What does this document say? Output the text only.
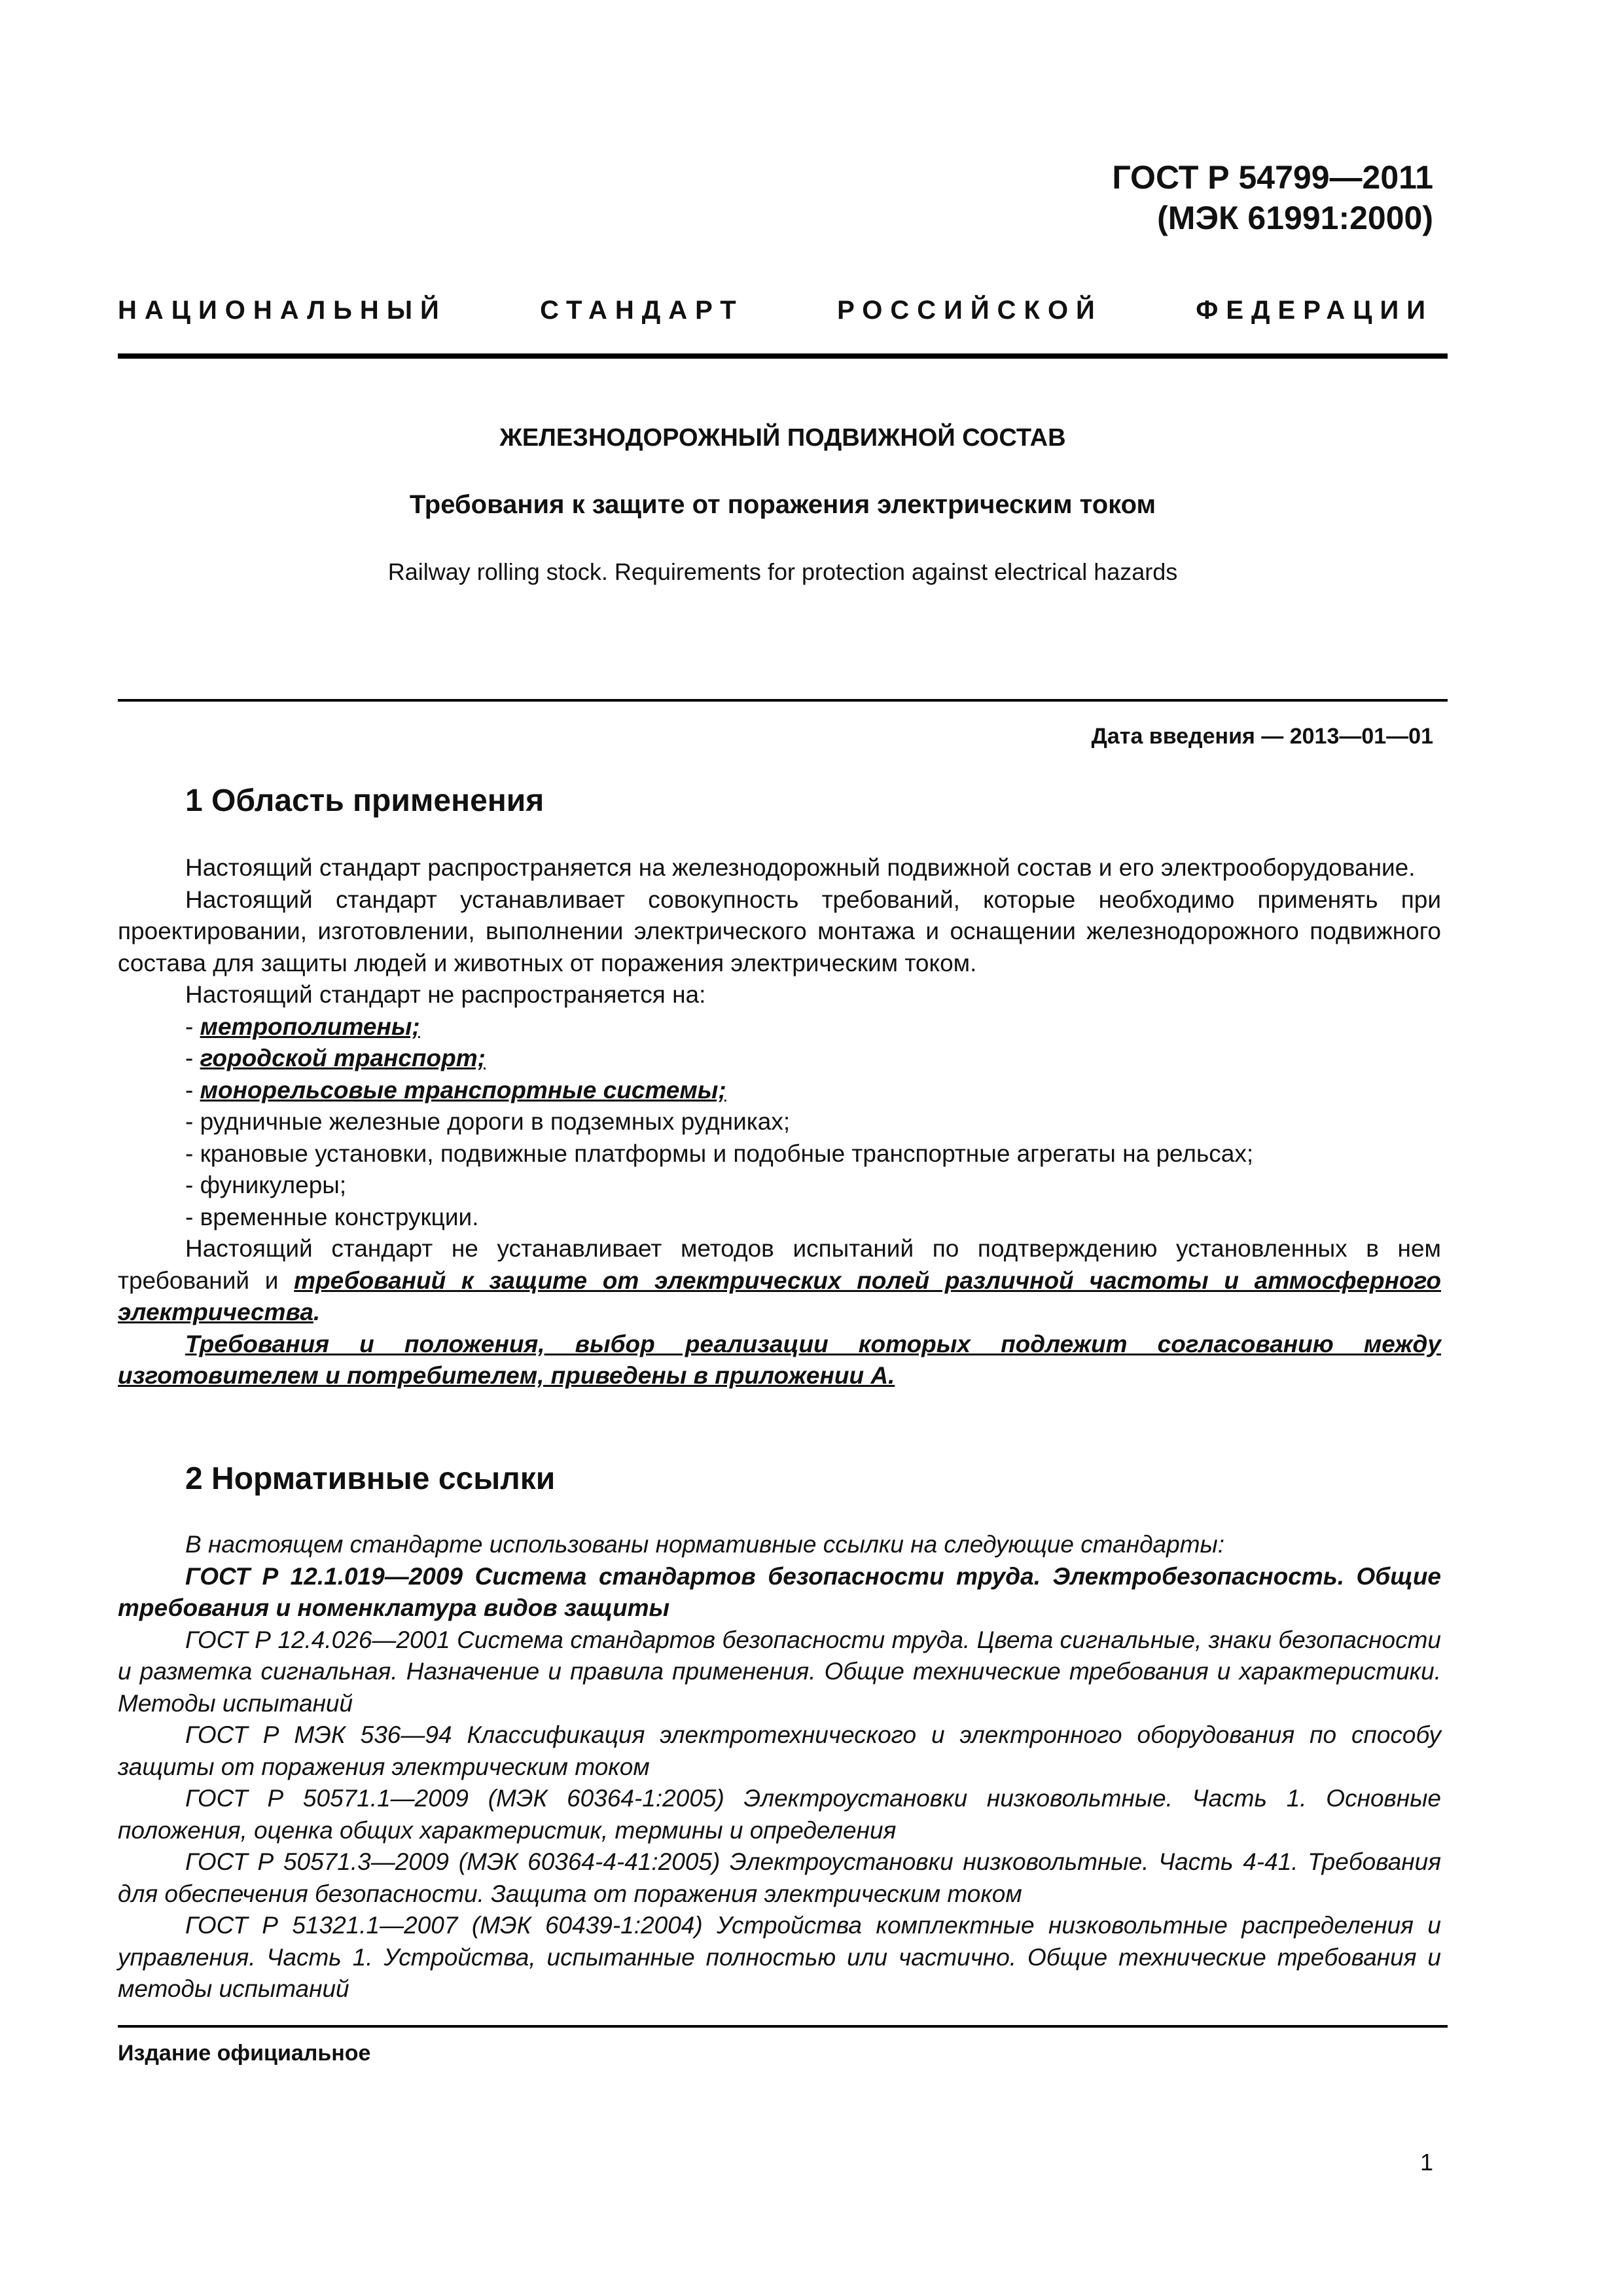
ГОСТ Р 54799—2011
(МЭК 61991:2000)
НАЦИОНАЛЬНЫЙ СТАНДАРТ РОССИЙСКОЙ ФЕДЕРАЦИИ
ЖЕЛЕЗНОДОРОЖНЫЙ ПОДВИЖНОЙ СОСТАВ
Требования к защите от поражения электрическим током
Railway rolling stock. Requirements for protection against electrical hazards
Дата введения — 2013—01—01
1 Область применения

Настоящий стандарт распространяется на железнодорожный подвижной состав и его электрооборудование.

Настоящий стандарт устанавливает совокупность требований, которые необходимо применять при проектировании, изготовлении, выполнении электрического монтажа и оснащении железнодорожного подвижного состава для защиты людей и животных от поражения электрическим током.

Настоящий стандарт не распространяется на:

- метрополитены;

- городской транспорт;

- монорельсовые транспортные системы;

- рудничные железные дороги в подземных рудниках;

- крановые установки, подвижные платформы и подобные транспортные агрегаты на рельсах;

- фуникулеры;

- временные конструкции.

Настоящий стандарт не устанавливает методов испытаний по подтверждению установленных в нем требований и требований к защите от электрических полей различной частоты и атмосферного электричества.

Требования и положения, выбор реализации которых подлежит согласованию между изготовителем и потребителем, приведены в приложении А.

2 Нормативные ссылки

В настоящем стандарте использованы нормативные ссылки на следующие стандарты:

ГОСТ Р 12.1.019—2009 Система стандартов безопасности труда. Электробезопасность. Общие требования и номенклатура видов защиты

ГОСТ Р 12.4.026—2001 Система стандартов безопасности труда. Цвета сигнальные, знаки безопасности и разметка сигнальная. Назначение и правила применения. Общие технические требования и характеристики. Методы испытаний

ГОСТ Р МЭК 536—94 Классификация электротехнического и электронного оборудования по способу защиты от поражения электрическим током

ГОСТ Р 50571.1—2009 (МЭК 60364-1:2005) Электроустановки низковольтные. Часть 1. Основные положения, оценка общих характеристик, термины и определения

ГОСТ Р 50571.3—2009 (МЭК 60364-4-41:2005) Электроустановки низковольтные. Часть 4-41. Требования для обеспечения безопасности. Защита от поражения электрическим током

ГОСТ Р 51321.1—2007 (МЭК 60439-1:2004) Устройства комплектные низковольтные распределения и управления. Часть 1. Устройства, испытанные полностью или частично. Общие технические требования и методы испытаний

Издание официальное
1
